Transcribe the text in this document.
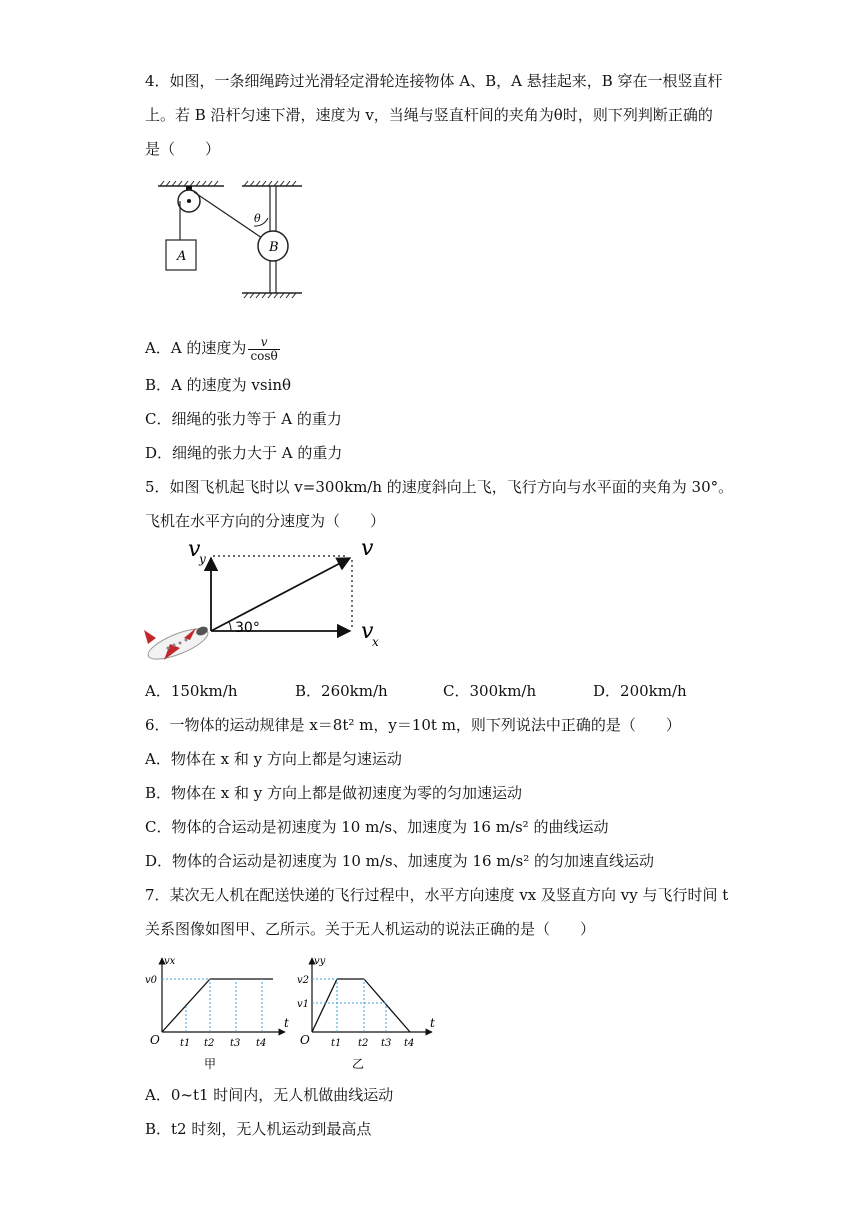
4．如图，一条细绳跨过光滑轻定滑轮连接物体 A、B，A 悬挂起来，B 穿在一根竖直杆
上。若 B 沿杆匀速下滑，速度为 v，当绳与竖直杆间的夹角为θ时，则下列判断正确的
是（　　）
A
B
θ
A．A 的速度为 $\frac{v}{\cos\theta}$
B．A 的速度为 vsinθ
C．细绳的张力等于 A 的重力
D．细绳的张力大于 A 的重力
5．如图飞机起飞时以 v=300km/h 的速度斜向上飞，飞行方向与水平面的夹角为 30°。
飞机在水平方向的分速度为（　　）
30°
v
y	v
v
x
A．150km/h	B．260km/h	C．300km/h	D．200km/h
6．一物体的运动规律是 x＝8t² m，y＝10t m，则下列说法中正确的是（　　）
A．物体在 x 和 y 方向上都是匀速运动
B．物体在 x 和 y 方向上都是做初速度为零的匀加速运动
C．物体的合运动是初速度为 10 m/s、加速度为 16 m/s² 的曲线运动
D．物体的合运动是初速度为 10 m/s、加速度为 16 m/s² 的匀加速直线运动
7．某次无人机在配送快递的飞行过程中，水平方向速度 vx 及竖直方向 vy 与飞行时间 t
关系图像如图甲、乙所示。关于无人机运动的说法正确的是（　　）
vx
v0
O
t
t1 t2 t3 t4
甲
vy
v2
v1
O
t
t1 t2 t3 t4
乙
A．0~t1 时间内，无人机做曲线运动
B．t2 时刻，无人机运动到最高点
